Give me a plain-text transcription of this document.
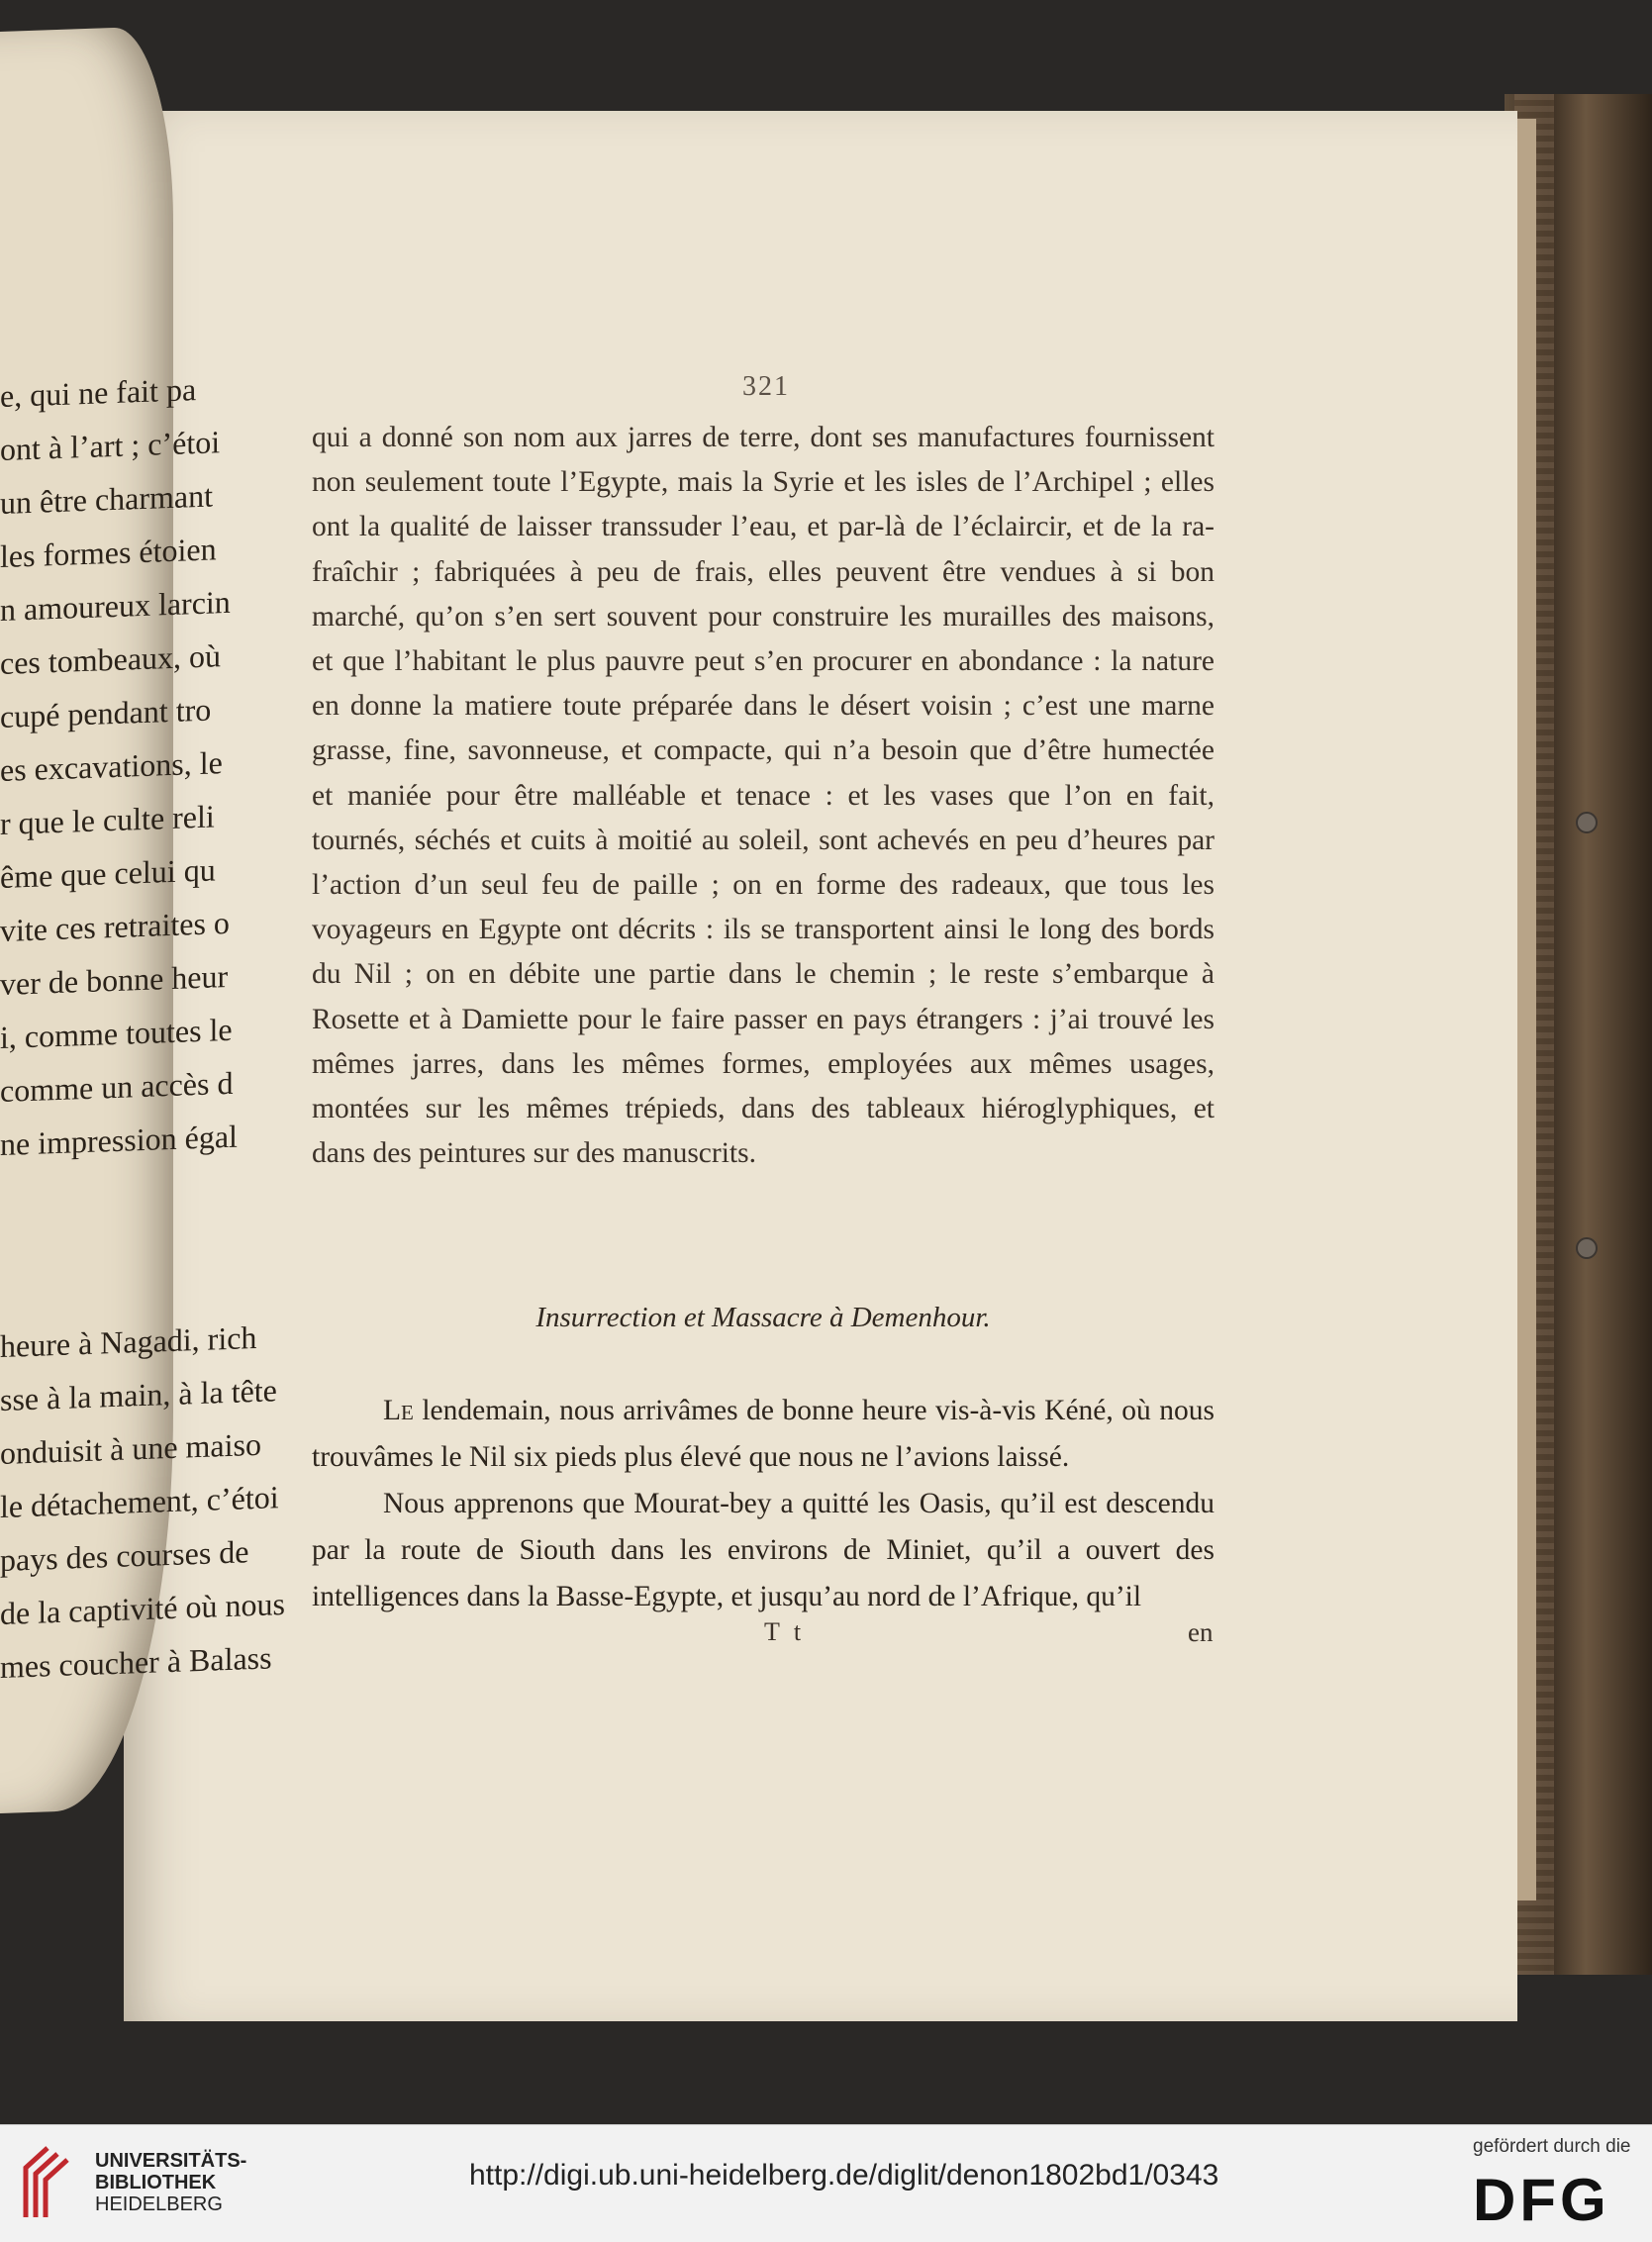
e, qui ne fait pa
ont à l’art ; c’étoi
un être charmant
les formes étoien
n amoureux larcin
ces tombeaux, où
cupé pendant tro
es excavations, le
r que le culte reli
ême que celui qu
vite ces retraites o
ver de bonne heur
i, comme toutes le
comme un accès d
ne impression égal
heure à Nagadi, rich
sse à la main, à la tête
onduisit à une maiso
le détachement, c’étoi
pays des courses de
de la captivité où nous
mes coucher à Balass
321
qui a donné son nom aux jarres de terre, dont ses manufactures fournissent
non seulement toute l’Egypte, mais la Syrie et les isles de l’Archipel ; elles
ont la qualité de laisser transsuder l’eau, et par-là de l’éclaircir, et de la ra-
fraîchir ; fabriquées à peu de frais, elles peuvent être vendues à si bon
marché, qu’on s’en sert souvent pour construire les murailles des maisons,
et que l’habitant le plus pauvre peut s’en procurer en abondance : la nature
en donne la matiere toute préparée dans le désert voisin ; c’est une marne
grasse, fine, savonneuse, et compacte, qui n’a besoin que d’être humectée
et maniée pour être malléable et tenace : et les vases que l’on en fait,
tournés, séchés et cuits à moitié au soleil, sont achevés en peu d’heures par
l’action d’un seul feu de paille ; on en forme des radeaux, que tous les
voyageurs en Egypte ont décrits : ils se transportent ainsi le long des bords
du Nil ; on en débite une partie dans le chemin ; le reste s’embarque à
Rosette et à Damiette pour le faire passer en pays étrangers : j’ai trouvé les
mêmes jarres, dans les mêmes formes, employées aux mêmes usages,
montées sur les mêmes trépieds, dans des tableaux hiéroglyphiques, et
dans des peintures sur des manuscrits.
Insurrection et Massacre à Demenhour.

Le lendemain, nous arrivâmes de bonne heure vis-à-vis Kéné, où nous trouvâmes le Nil six pieds plus élevé que nous ne l’avions laissé.

Nous apprenons que Mourat-bey a quitté les Oasis, qu’il est descendu par la route de Siouth dans les environs de Miniet, qu’il a ouvert des intelligences dans la Basse-Egypte, et jusqu’au nord de l’Afrique, qu’il

T t	en
UNIVERSITÄTS-
BIBLIOTHEK
HEIDELBERG
http://digi.ub.uni-heidelberg.de/diglit/denon1802bd1/0343
gefördert durch die
DFG
